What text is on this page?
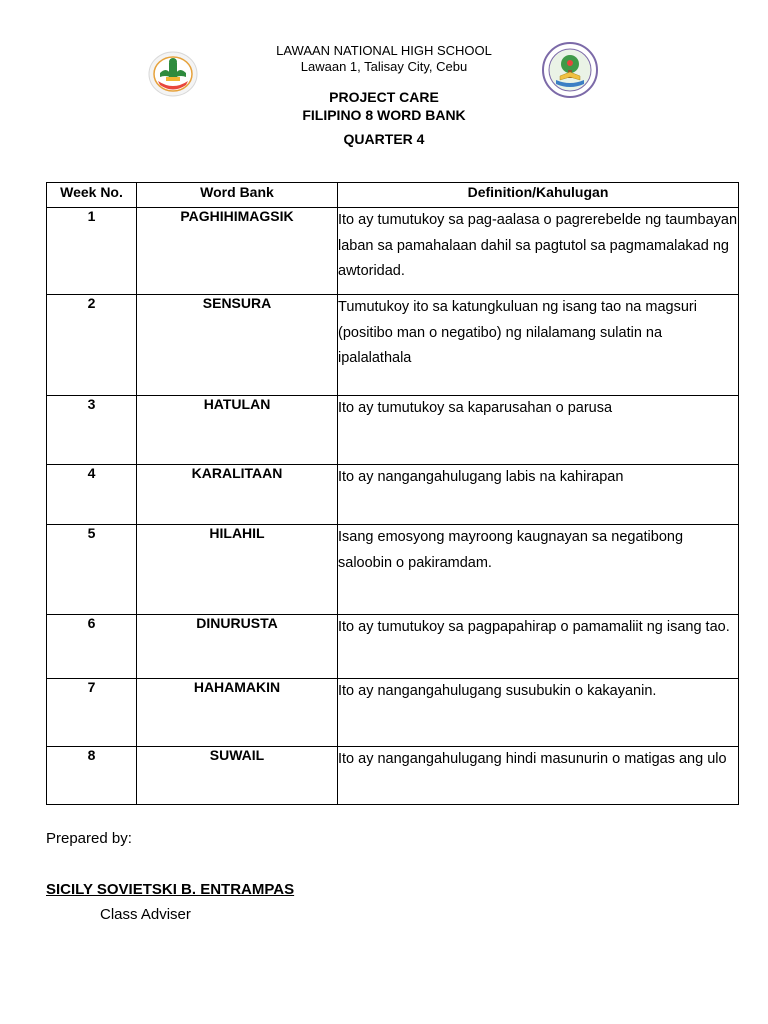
LAWAAN NATIONAL HIGH SCHOOL
Lawaan 1, Talisay City, Cebu
PROJECT CARE
FILIPINO 8 WORD BANK
QUARTER 4
Week No.	Word Bank	Definition/Kahulugan
1	PAGHIHIMAGSIK	Ito ay tumutukoy sa pag-aalasa o pagrerebelde ng taumbayan laban sa pamahalaan dahil sa pagtutol sa pagmamalakad ng awtoridad.
2	SENSURA	Tumutukoy ito sa katungkuluan ng isang tao na magsuri (positibo man o negatibo) ng nilalamang sulatin na ipalalathala
3	HATULAN	Ito ay tumutukoy sa kaparusahan o parusa
4	KARALITAAN	Ito ay nangangahulugang labis na kahirapan
5	HILAHIL	Isang emosyong mayroong kaugnayan sa negatibong saloobin o pakiramdam.
6	DINURUSTA	Ito ay tumutukoy sa pagpapahirap o pamamaliit ng isang tao.
7	HAHAMAKIN	Ito ay nangangahulugang susubukin o kakayanin.
8	SUWAIL	Ito ay nangangahulugang hindi masunurin o matigas ang ulo
Prepared by:
SICILY SOVIETSKI B. ENTRAMPAS
Class Adviser
